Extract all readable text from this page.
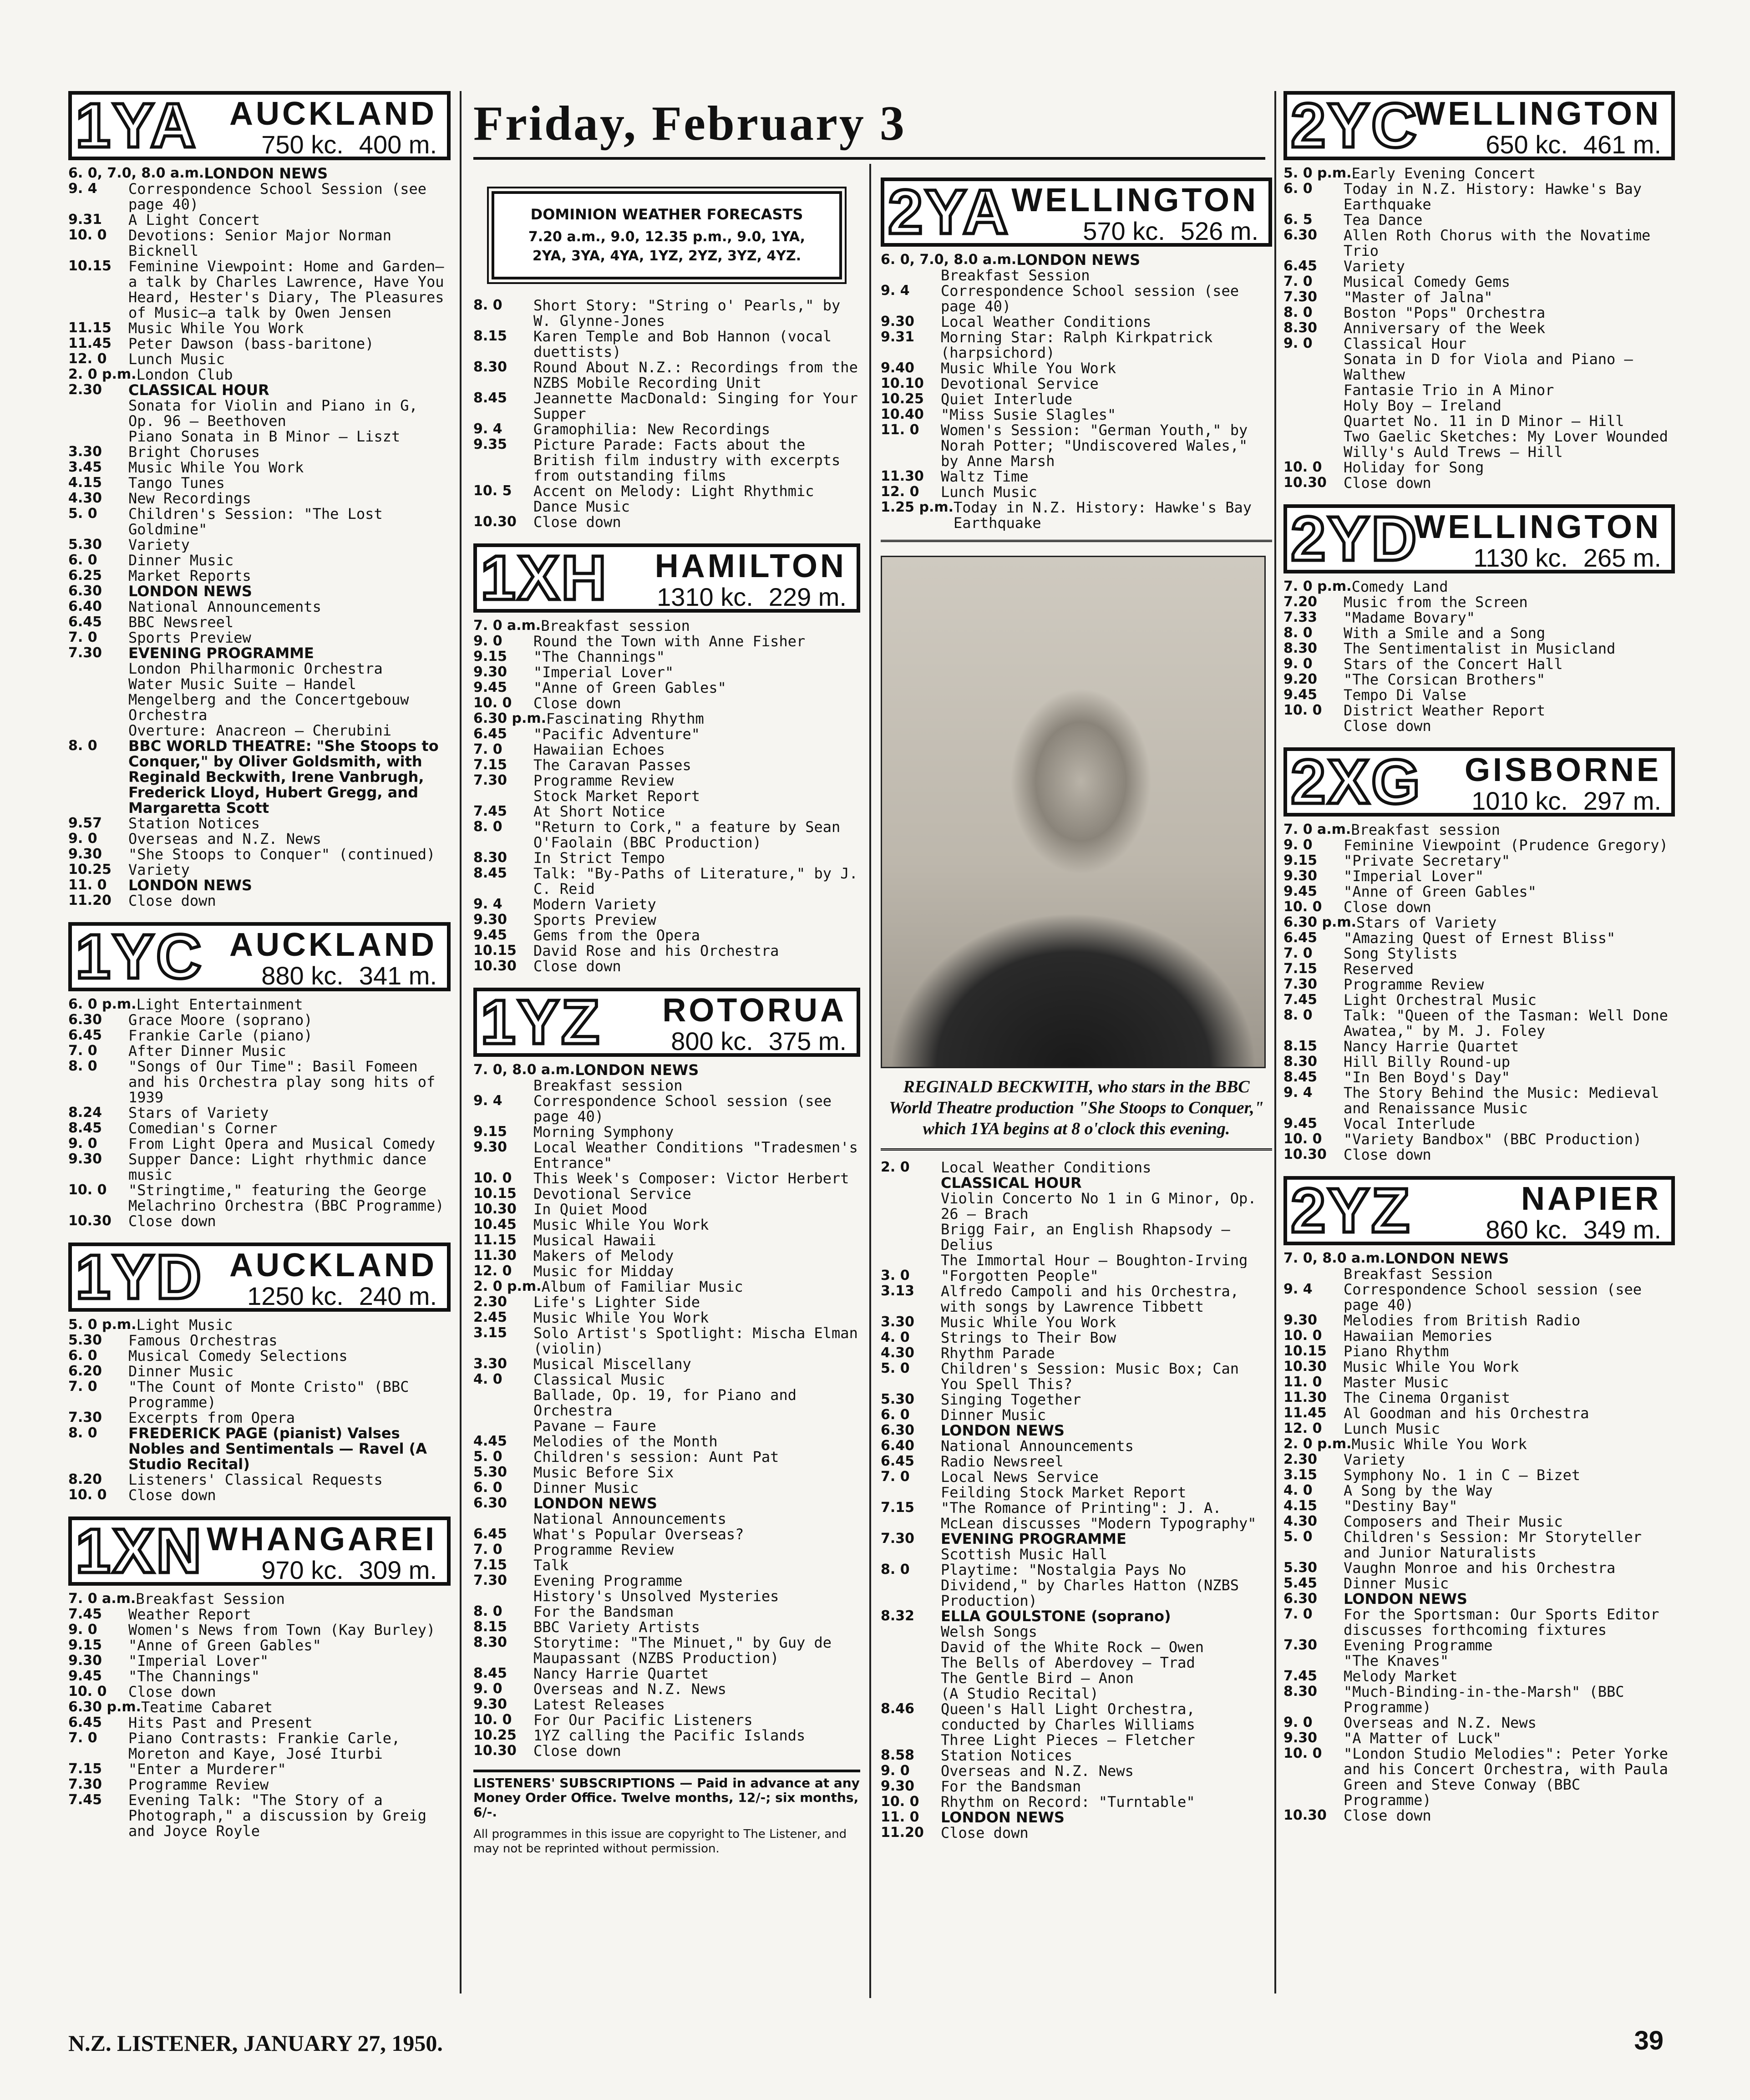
Friday, February 3
1YA AUCKLAND
750 kc. 400 m.
6. 0, 7.0, 8.0 a.m. LONDON NEWS
9. 4	Correspondence School Session (see page 40)
9.31	A Light Concert
10. 0	Devotions: Senior Major Norman Bicknell
10.15	Feminine Viewpoint: Home and Garden—a talk by Charles Lawrence, Have You Heard, Hester's Diary, The Pleasures of Music—a talk by Owen Jensen
11.15	Music While You Work
11.45	Peter Dawson (bass-baritone)
12. 0	Lunch Music
2. 0 p.m. London Club
2.30	CLASSICAL HOUR
Sonata for Violin and Piano in G, Op. 96 — Beethoven
Piano Sonata in B Minor — Liszt
3.30	Bright Choruses
3.45	Music While You Work
4.15	Tango Tunes
4.30	New Recordings
5. 0	Children's Session: "The Lost Goldmine"
5.30	Variety
6. 0	Dinner Music
6.25	Market Reports
6.30	LONDON NEWS
6.40	National Announcements
6.45	BBC Newsreel
7. 0	Sports Preview
7.30	EVENING PROGRAMME
London Philharmonic Orchestra
Water Music Suite — Handel
Mengelberg and the Concertgebouw Orchestra
Overture: Anacreon — Cherubini
8. 0	BBC WORLD THEATRE: "She Stoops to Conquer," by Oliver Goldsmith, with Reginald Beckwith, Irene Vanbrugh, Frederick Lloyd, Hubert Gregg, and Margaretta Scott
9.57	Station Notices
9. 0	Overseas and N.Z. News
9.30	"She Stoops to Conquer" (continued)
10.25	Variety
11. 0	LONDON NEWS
11.20	Close down
1YC AUCKLAND
880 kc. 341 m.
6. 0 p.m. Light Entertainment
6.30	Grace Moore (soprano)
6.45	Frankie Carle (piano)
7. 0	After Dinner Music
8. 0	"Songs of Our Time": Basil Fomeen and his Orchestra play song hits of 1939
8.24	Stars of Variety
8.45	Comedian's Corner
9. 0	From Light Opera and Musical Comedy
9.30	Supper Dance: Light rhythmic dance music
10. 0	"Stringtime," featuring the George Melachrino Orchestra (BBC Programme)
10.30	Close down
1YD AUCKLAND
1250 kc. 240 m.
5. 0 p.m. Light Music
5.30	Famous Orchestras
6. 0	Musical Comedy Selections
6.20	Dinner Music
7. 0	"The Count of Monte Cristo" (BBC Programme)
7.30	Excerpts from Opera
8. 0	FREDERICK PAGE (pianist) Valses Nobles and Sentimentals — Ravel (A Studio Recital)
8.20	Listeners' Classical Requests
10. 0	Close down
1XN WHANGAREI
970 kc. 309 m.
7. 0 a.m. Breakfast Session
7.45	Weather Report
9. 0	Women's News from Town (Kay Burley)
9.15	"Anne of Green Gables"
9.30	"Imperial Lover"
9.45	"The Channings"
10. 0	Close down
6.30 p.m. Teatime Cabaret
6.45	Hits Past and Present
7. 0	Piano Contrasts: Frankie Carle, Moreton and Kaye, José Iturbi
7.15	"Enter a Murderer"
7.30	Programme Review
7.45	Evening Talk: "The Story of a Photograph," a discussion by Greig and Joyce Royle
DOMINION WEATHER FORECASTS
7.20 a.m., 9.0, 12.35 p.m., 9.0, 1YA,
2YA, 3YA, 4YA, 1YZ, 2YZ, 3YZ, 4YZ.
8. 0	Short Story: "String o' Pearls," by W. Glynne-Jones
8.15	Karen Temple and Bob Hannon (vocal duettists)
8.30	Round About N.Z.: Recordings from the NZBS Mobile Recording Unit
8.45	Jeannette MacDonald: Singing for Your Supper
9. 4	Gramophilia: New Recordings
9.35	Picture Parade: Facts about the British film industry with excerpts from outstanding films
10. 5	Accent on Melody: Light Rhythmic Dance Music
10.30	Close down
1XH	HAMILTON
1310 kc. 229 m.
7. 0 a.m. Breakfast session
9. 0	Round the Town with Anne Fisher
9.15	"The Channings"
9.30	"Imperial Lover"
9.45	"Anne of Green Gables"
10. 0	Close down
6.30 p.m. Fascinating Rhythm
6.45	"Pacific Adventure"
7. 0	Hawaiian Echoes
7.15	The Caravan Passes
7.30	Programme Review
Stock Market Report
7.45	At Short Notice
8. 0	"Return to Cork," a feature by Sean O'Faolain (BBC Production)
8.30	In Strict Tempo
8.45	Talk: "By-Paths of Literature," by J. C. Reid
9. 4	Modern Variety
9.30	Sports Preview
9.45	Gems from the Opera
10.15	David Rose and his Orchestra
10.30	Close down
1YZ	ROTORUA
800 kc. 375 m.
7. 0, 8.0 a.m. LONDON NEWS
Breakfast session
9. 4	Correspondence School session (see page 40)
9.15	Morning Symphony
9.30	Local Weather Conditions "Tradesmen's Entrance"
10. 0	This Week's Composer: Victor Herbert
10.15	Devotional Service
10.30	In Quiet Mood
10.45	Music While You Work
11.15	Musical Hawaii
11.30	Makers of Melody
12. 0	Music for Midday
2. 0 p.m. Album of Familiar Music
2.30	Life's Lighter Side
2.45	Music While You Work
3.15	Solo Artist's Spotlight: Mischa Elman (violin)
3.30	Musical Miscellany
4. 0	Classical Music
Ballade, Op. 19, for Piano and Orchestra
Pavane — Faure
4.45	Melodies of the Month
5. 0	Children's session: Aunt Pat
5.30	Music Before Six
6. 0	Dinner Music
6.30	LONDON NEWS
National Announcements
6.45	What's Popular Overseas?
7. 0	Programme Review
7.15	Talk
7.30	Evening Programme
History's Unsolved Mysteries
8. 0	For the Bandsman
8.15	BBC Variety Artists
8.30	Storytime: "The Minuet," by Guy de Maupassant (NZBS Production)
8.45	Nancy Harrie Quartet
9. 0	Overseas and N.Z. News
9.30	Latest Releases
10. 0	For Our Pacific Listeners
10.25	1YZ calling the Pacific Islands
10.30	Close down
LISTENERS' SUBSCRIPTIONS — Paid in advance at any Money Order Office. Twelve months, 12/-; six months, 6/-.
All programmes in this issue are copyright to The Listener, and may not be reprinted without permission.
2YA WELLINGTON
570 kc. 526 m.
6. 0, 7.0, 8.0 a.m. LONDON NEWS
Breakfast Session
9. 4	Correspondence School session (see page 40)
9.30	Local Weather Conditions
9.31	Morning Star: Ralph Kirkpatrick (harpsichord)
9.40	Music While You Work
10.10	Devotional Service
10.25	Quiet Interlude
10.40	"Miss Susie Slagles"
11. 0	Women's Session: "German Youth," by Norah Potter; "Undiscovered Wales," by Anne Marsh
11.30	Waltz Time
12. 0	Lunch Music
1.25 p.m. Today in N.Z. History: Hawke's Bay Earthquake
REGINALD BECKWITH, who stars in the BBC World Theatre production "She Stoops to Conquer," which 1YA begins at 8 o'clock this evening.
2. 0	Local Weather Conditions
CLASSICAL HOUR
Violin Concerto No 1 in G Minor, Op. 26 — Brach
Brigg Fair, an English Rhapsody — Delius
The Immortal Hour — Boughton-Irving
3. 0	"Forgotten People"
3.13	Alfredo Campoli and his Orchestra, with songs by Lawrence Tibbett
3.30	Music While You Work
4. 0	Strings to Their Bow
4.30	Rhythm Parade
5. 0	Children's Session: Music Box; Can You Spell This?
5.30	Singing Together
6. 0	Dinner Music
6.30	LONDON NEWS
6.40	National Announcements
6.45	Radio Newsreel
7. 0	Local News Service
Feilding Stock Market Report
7.15	"The Romance of Printing": J. A. McLean discusses "Modern Typography"
7.30	EVENING PROGRAMME
Scottish Music Hall
8. 0	Playtime: "Nostalgia Pays No Dividend," by Charles Hatton (NZBS Production)
8.32	ELLA GOULSTONE (soprano)
Welsh Songs
David of the White Rock — Owen
The Bells of Aberdovey — Trad
The Gentle Bird — Anon
(A Studio Recital)
8.46	Queen's Hall Light Orchestra, conducted by Charles Williams
Three Light Pieces — Fletcher
8.58	Station Notices
9. 0	Overseas and N.Z. News
9.30	For the Bandsman
10. 0	Rhythm on Record: "Turntable"
11. 0	LONDON NEWS
11.20	Close down
2YC
WELLINGTON
650 kc. 461 m.
5. 0 p.m. Early Evening Concert
6. 0	Today in N.Z. History: Hawke's Bay Earthquake
6. 5	Tea Dance
6.30	Allen Roth Chorus with the Novatime Trio
6.45	Variety
7. 0	Musical Comedy Gems
7.30	"Master of Jalna"
8. 0	Boston "Pops" Orchestra
8.30	Anniversary of the Week
9. 0	Classical Hour
Sonata in D for Viola and Piano — Walthew
Fantasie Trio in A Minor
Holy Boy — Ireland
Quartet No. 11 in D Minor — Hill
Two Gaelic Sketches: My Lover Wounded
Willy's Auld Trews — Hill
10. 0	Holiday for Song
10.30	Close down
2YD
WELLINGTON
1130 kc. 265 m.
7. 0 p.m. Comedy Land
7.20	Music from the Screen
7.33	"Madame Bovary"
8. 0	With a Smile and a Song
8.30	The Sentimentalist in Musicland
9. 0	Stars of the Concert Hall
9.20	"The Corsican Brothers"
9.45	Tempo Di Valse
10. 0	District Weather Report
Close down
2XG	GISBORNE
1010 kc. 297 m.
7. 0 a.m. Breakfast session
9. 0	Feminine Viewpoint (Prudence Gregory)
9.15	"Private Secretary"
9.30	"Imperial Lover"
9.45	"Anne of Green Gables"
10. 0	Close down
6.30 p.m. Stars of Variety
6.45	"Amazing Quest of Ernest Bliss"
7. 0	Song Stylists
7.15	Reserved
7.30	Programme Review
7.45	Light Orchestral Music
8. 0	Talk: "Queen of the Tasman: Well Done Awatea," by M. J. Foley
8.15	Nancy Harrie Quartet
8.30	Hill Billy Round-up
8.45	"In Ben Boyd's Day"
9. 4	The Story Behind the Music: Medieval and Renaissance Music
9.45	Vocal Interlude
10. 0	"Variety Bandbox" (BBC Production)
10.30	Close down
2YZ	NAPIER
860 kc. 349 m.
7. 0, 8.0 a.m. LONDON NEWS
Breakfast Session
9. 4	Correspondence School session (see page 40)
9.30	Melodies from British Radio
10. 0	Hawaiian Memories
10.15	Piano Rhythm
10.30	Music While You Work
11. 0	Master Music
11.30	The Cinema Organist
11.45	Al Goodman and his Orchestra
12. 0	Lunch Music
2. 0 p.m. Music While You Work
2.30	Variety
3.15	Symphony No. 1 in C — Bizet
4. 0	A Song by the Way
4.15	"Destiny Bay"
4.30	Composers and Their Music
5. 0	Children's Session: Mr Storyteller and Junior Naturalists
5.30	Vaughn Monroe and his Orchestra
5.45	Dinner Music
6.30	LONDON NEWS
7. 0	For the Sportsman: Our Sports Editor discusses forthcoming fixtures
7.30	Evening Programme
"The Knaves"
7.45	Melody Market
8.30	"Much-Binding-in-the-Marsh" (BBC Programme)
9. 0	Overseas and N.Z. News
9.30	"A Matter of Luck"
10. 0	"London Studio Melodies": Peter Yorke and his Concert Orchestra, with Paula Green and Steve Conway (BBC Programme)
10.30	Close down
N.Z. LISTENER, JANUARY 27, 1950.	39
